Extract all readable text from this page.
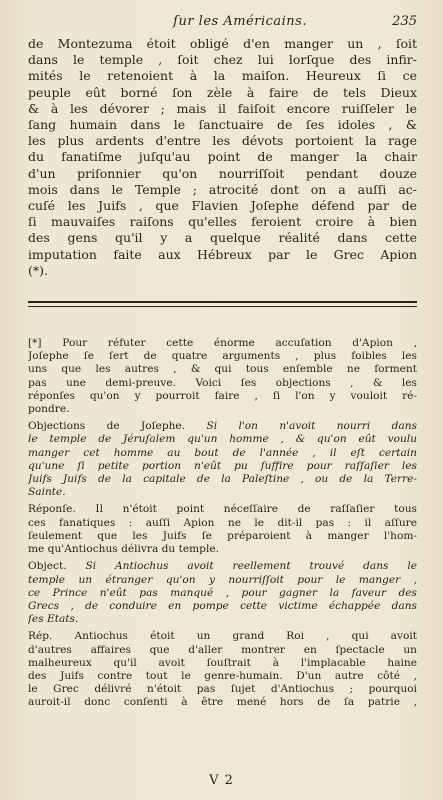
ſur les Américains.	235
de Montezuma étoit obligé d'en manger un , ſoit
dans le temple , ſoit chez lui lorſque des infir-
mités le retenoient à la maiſon. Heureux ſi ce
peuple eût borné ſon zèle à faire de tels Dieux
& à les dévorer ; mais il faiſoit encore ruiſſeler le
ſang humain dans le ſanctuaire de ſes idoles , &
les plus ardents d'entre les dévots portoient la rage
du fanatiſme juſqu'au point de manger la chair
d'un priſonnier qu'on nourriſſoit pendant douze
mois dans le Temple ; atrocité dont on a auſſi ac-
cuſé les Juifs , que Flavien Joſephe défend par de
ſi mauvaiſes raiſons qu'elles feroient croire à bien
des gens qu'il y a quelque réalité dans cette
imputation faite aux Hébreux par le Grec Apion
(*).
[*] Pour réfuter cette énorme accuſation d'Apion ,
Joſephe ſe ſert de quatre arguments , plus foibles les
uns que les autres , & qui tous enſemble ne forment
pas une demi-preuve. Voici ſes objections , & les
réponſes qu'on y pourroit faire , ſi l'on y vouloit ré-
pondre.
Objections de Joſephe. Si l'on n'avoit nourri dans
le temple de Jéruſalem qu'un homme , & qu'on eût voulu
manger cet homme au bout de l'année , il eſt certain
qu'une ſi petite portion n'eût pu ſuffire pour raſſaſier les
Juifs Juifs de la capitale de la Paleſtine , ou de la Terre-
Sainte.
Réponſe. Il n'étoit point néceſſaire de raſſaſier tous
ces fanatiques : auſſi Apion ne le dit-il pas : il aſſure
ſeulement que les Juifs ſe préparoient à manger l'hom-
me qu'Antiochus délivra du temple.
Object. Si Antiochus avoit reellement trouvé dans le
temple un étranger qu'on y nourriſſoit pour le manger ,
ce Prince n'eût pas manqué , pour gagner la faveur des
Grecs , de conduire en pompe cette victime échappée dans
ſes Etats.
Rép. Antiochus étoit un grand Roi , qui avoit
d'autres affaires que d'aller montrer en ſpectacle un
malheureux qu'il avoit ſouſtrait à l'implacable haine
des Juifs contre tout le genre-humain. D'un autre côté ,
le Grec délivré n'étoit pas ſujet d'Antiochus ; pourquoi
auroit-il donc conſenti à être mené hors de ſa patrie ,
V 2
